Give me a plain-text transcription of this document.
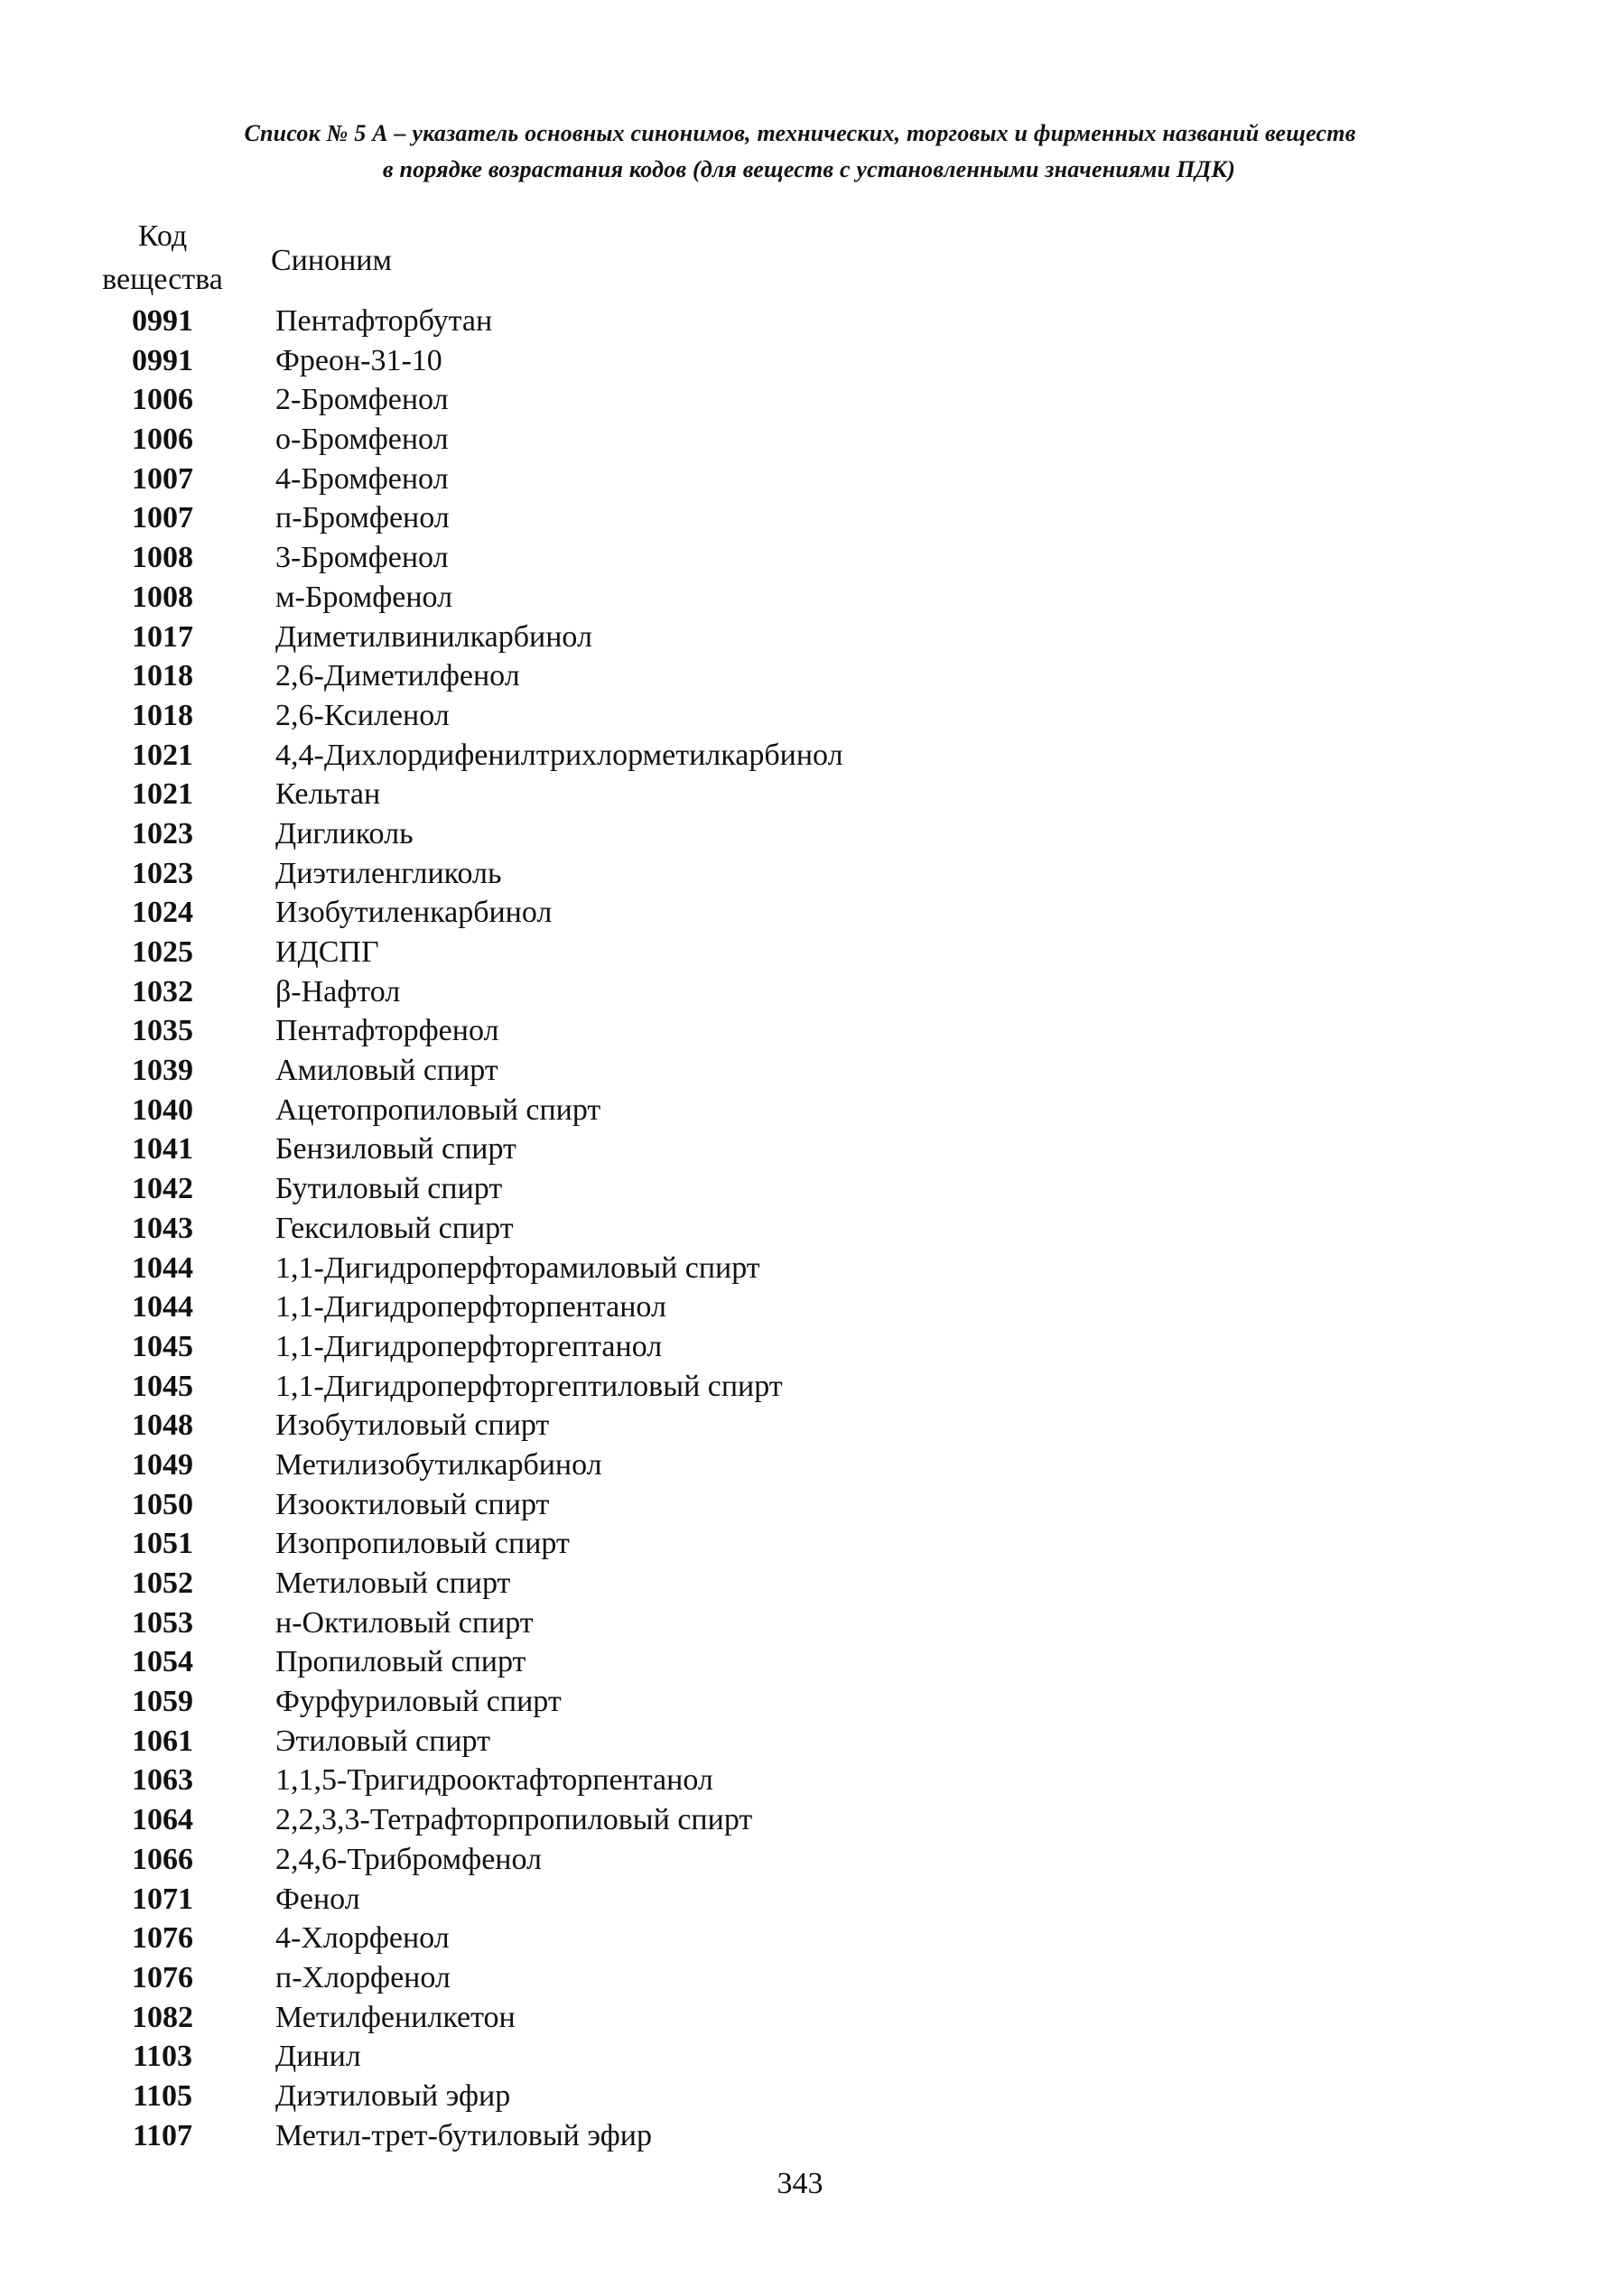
Список № 5 А – указатель основных синонимов, технических, торговых и фирменных названий веществ
в порядке возрастания кодов (для веществ с установленными значениями ПДК)
Код
вещества
Синоним
0991	Пентафторбутан
0991	Фреон-31-10
1006	2-Бромфенол
1006	о-Бромфенол
1007	4-Бромфенол
1007	п-Бромфенол
1008	3-Бромфенол
1008	м-Бромфенол
1017	Диметилвинилкарбинол
1018	2,6-Диметилфенол
1018	2,6-Ксиленол
1021	4,4-Дихлордифенилтрихлорметилкарбинол
1021	Кельтан
1023	Дигликоль
1023	Диэтиленгликоль
1024	Изобутиленкарбинол
1025	ИДСПГ
1032	β-Нафтол
1035	Пентафторфенол
1039	Амиловый спирт
1040	Ацетопропиловый спирт
1041	Бензиловый спирт
1042	Бутиловый спирт
1043	Гексиловый спирт
1044	1,1-Дигидроперфторамиловый спирт
1044	1,1-Дигидроперфторпентанол
1045	1,1-Дигидроперфторгептанол
1045	1,1-Дигидроперфторгептиловый спирт
1048	Изобутиловый спирт
1049	Метилизобутилкарбинол
1050	Изооктиловый спирт
1051	Изопропиловый спирт
1052	Метиловый спирт
1053	н-Октиловый спирт
1054	Пропиловый спирт
1059	Фурфуриловый спирт
1061	Этиловый спирт
1063	1,1,5-Тригидрооктафторпентанол
1064	2,2,3,3-Тетрафторпропиловый спирт
1066	2,4,6-Трибромфенол
1071	Фенол
1076	4-Хлорфенол
1076	п-Хлорфенол
1082	Метилфенилкетон
1103	Динил
1105	Диэтиловый эфир
1107	Метил-трет-бутиловый эфир
343
